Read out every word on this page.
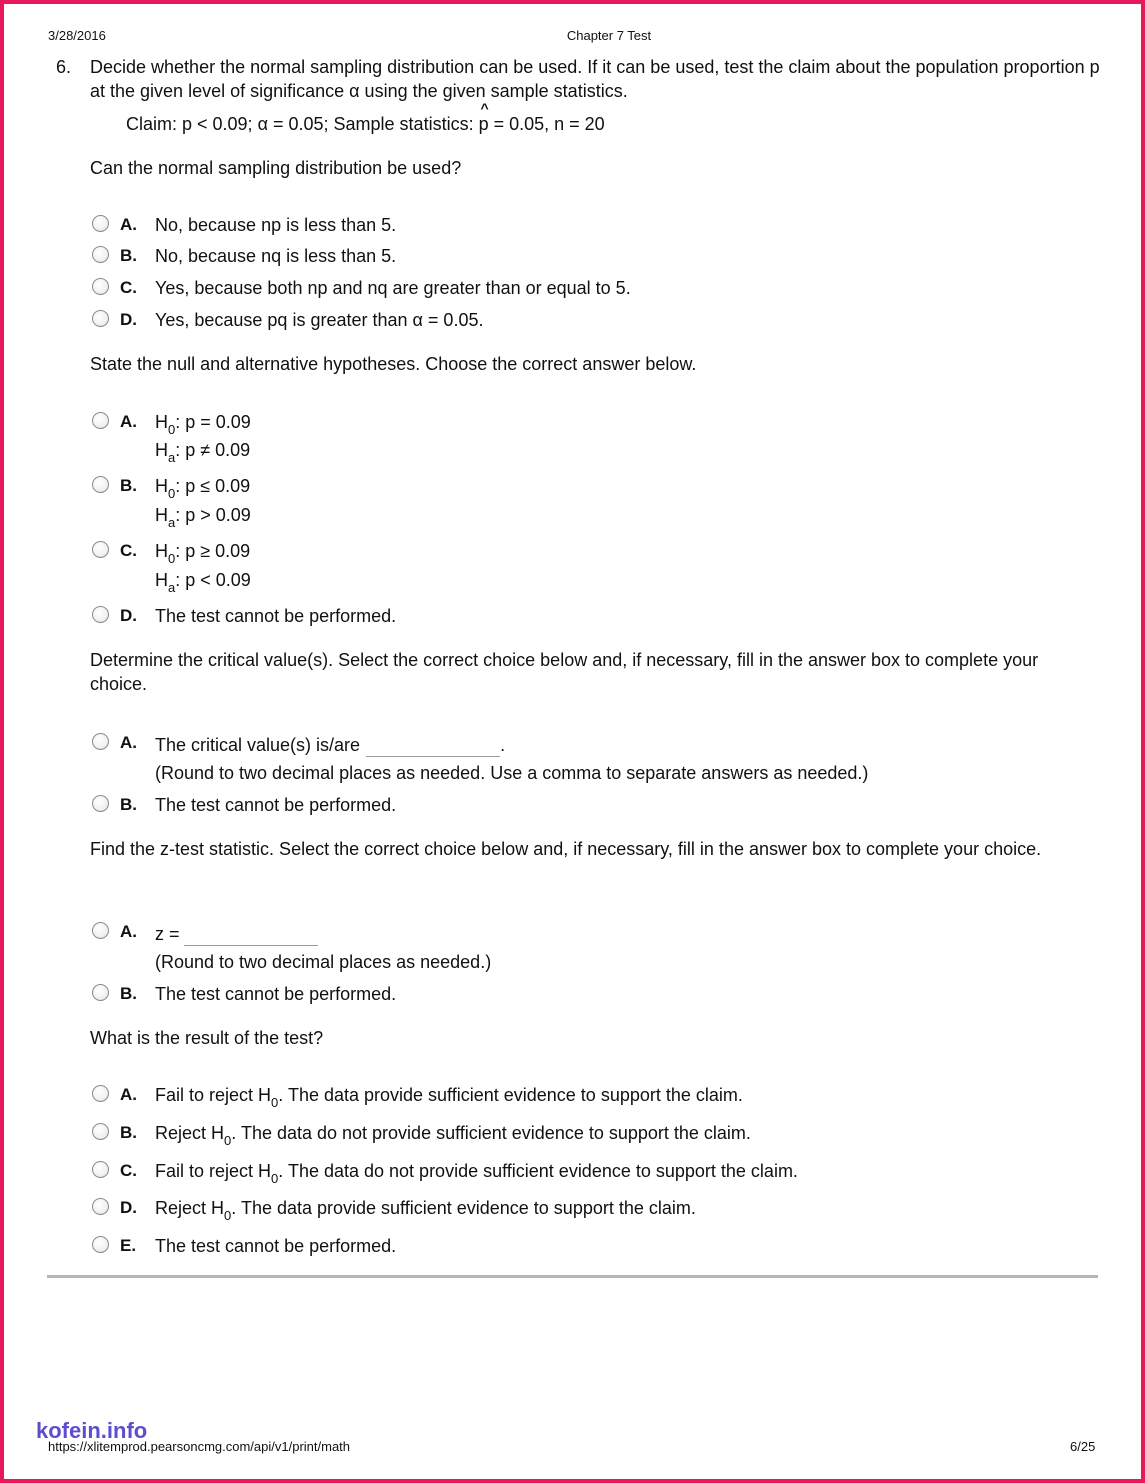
3/28/2016	Chapter 7 Test
6. Decide whether the normal sampling distribution can be used. If it can be used, test the claim about the population proportion p at the given level of significance α using the given sample statistics.
Claim: p < 0.09; α = 0.05; Sample statistics:
^
p = 0.05, n = 20
Can the normal sampling distribution be used?
A. No, because np is less than 5.
B. No, because nq is less than 5.
C. Yes, because both np and nq are greater than or equal to 5.
D. Yes, because pq is greater than α = 0.05.
State the null and alternative hypotheses. Choose the correct answer below.
A. $H_0$: p = 0.09
$H_a$: p ≠ 0.09
B. $H_0$: p ≤ 0.09
$H_a$: p > 0.09
C. $H_0$: p ≥ 0.09
$H_a$: p < 0.09
D. The test cannot be performed.
Determine the critical value(s). Select the correct choice below and, if necessary, fill in the answer box to complete your choice.
A. The critical value(s) is/are	.
(Round to two decimal places as needed. Use a comma to separate answers as needed.)
B. The test cannot be performed.
Find the z-test statistic. Select the correct choice below and, if necessary, fill in the answer box to complete your choice.
A. z =
(Round to two decimal places as needed.)
B. The test cannot be performed.
What is the result of the test?
A. Fail to reject $H_0$. The data provide sufficient evidence to support the claim.
B. Reject $H_0$. The data do not provide sufficient evidence to support the claim.
C. Fail to reject $H_0$. The data do not provide sufficient evidence to support the claim.
D. Reject $H_0$. The data provide sufficient evidence to support the claim.
E. The test cannot be performed.
kofein.info
https://xlitemprod.pearsoncmg.com/api/v1/print/math	6/25
